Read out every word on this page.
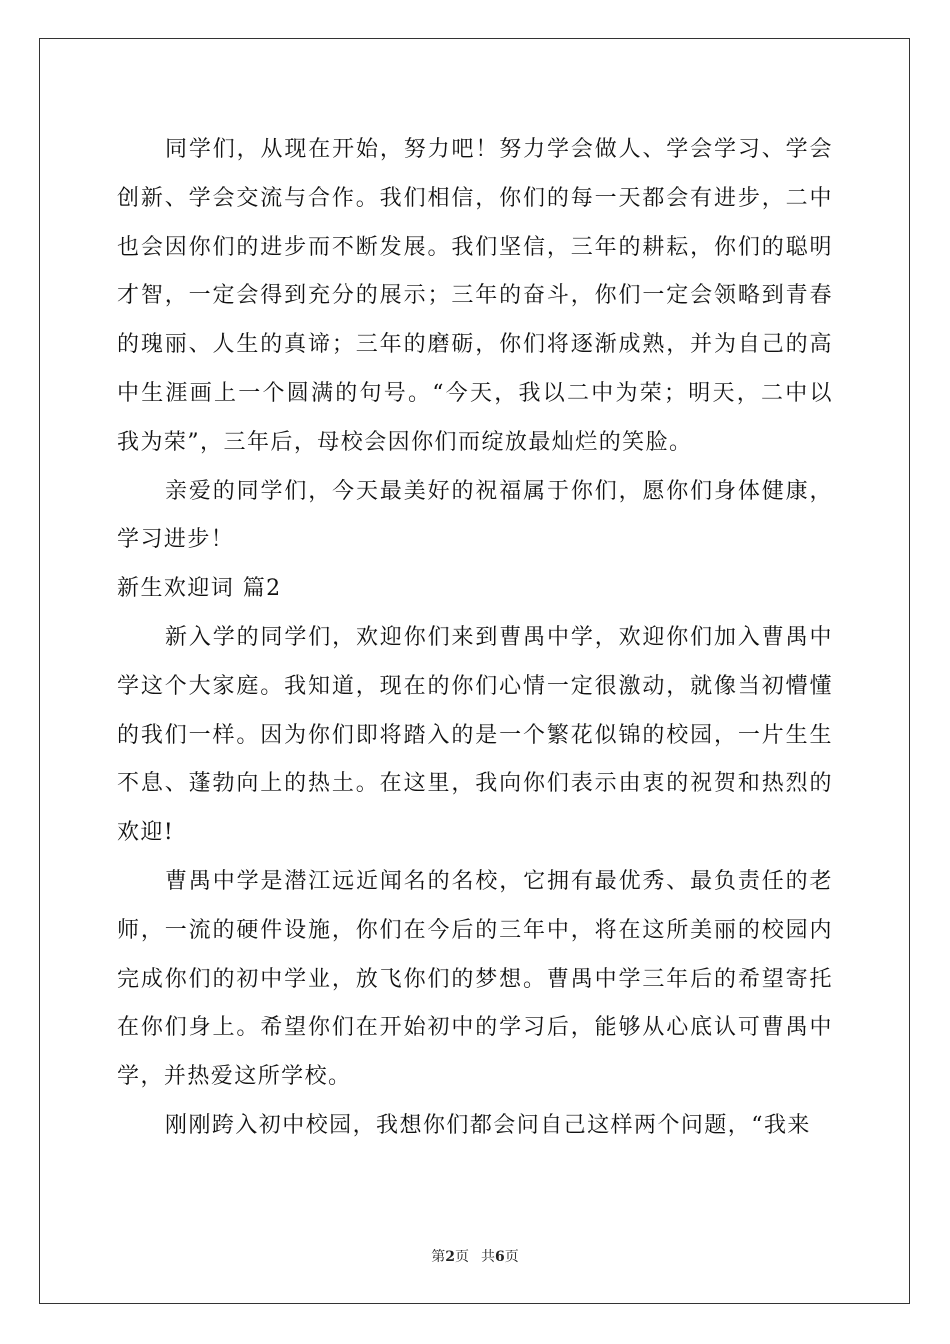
同学们，从现在开始，努力吧！努力学会做人、学会学习、学会创新、学会交流与合作。我们相信，你们的每一天都会有进步，二中也会因你们的进步而不断发展。我们坚信，三年的耕耘，你们的聪明才智，一定会得到充分的展示；三年的奋斗，你们一定会领略到青春的瑰丽、人生的真谛；三年的磨砺，你们将逐渐成熟，并为自己的高中生涯画上一个圆满的句号。“今天，我以二中为荣；明天，二中以我为荣”，三年后，母校会因你们而绽放最灿烂的笑脸。

亲爱的同学们，今天最美好的祝福属于你们，愿你们身体健康，学习进步！

新生欢迎词 篇2

新入学的同学们，欢迎你们来到曹禺中学，欢迎你们加入曹禺中学这个大家庭。我知道，现在的你们心情一定很激动，就像当初懵懂的我们一样。因为你们即将踏入的是一个繁花似锦的校园，一片生生不息、蓬勃向上的热土。在这里，我向你们表示由衷的祝贺和热烈的欢迎!

曹禺中学是潜江远近闻名的名校，它拥有最优秀、最负责任的老师，一流的硬件设施，你们在今后的三年中，将在这所美丽的校园内完成你们的初中学业，放飞你们的梦想。曹禺中学三年后的希望寄托在你们身上。希望你们在开始初中的学习后，能够从心底认可曹禺中学，并热爱这所学校。

刚刚跨入初中校园，我想你们都会问自己这样两个问题，“我来

第2页 共6页
